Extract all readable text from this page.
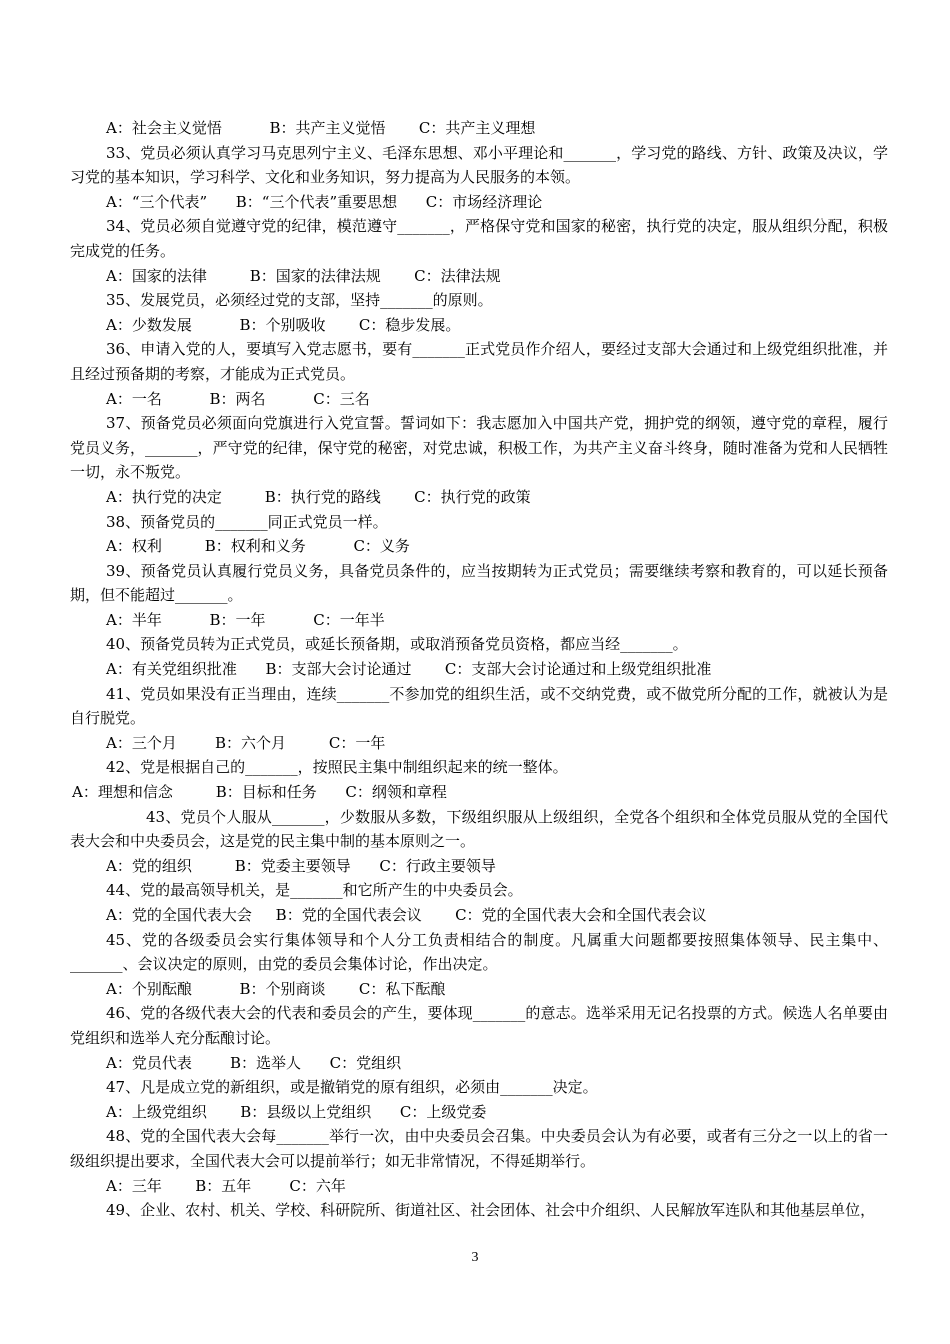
A：社会主义觉悟          B：共产主义觉悟       C：共产主义理想

33、党员必须认真学习马克思列宁主义、毛泽东思想、邓小平理论和_______，学习党的路线、方针、政策及决议，学习党的基本知识，学习科学、文化和业务知识，努力提高为人民服务的本领。

A：“三个代表”      B：“三个代表”重要思想      C：市场经济理论

34、党员必须自觉遵守党的纪律，模范遵守_______，严格保守党和国家的秘密，执行党的决定，服从组织分配，积极完成党的任务。

A：国家的法律         B：国家的法律法规       C：法律法规

35、发展党员，必须经过党的支部，坚持_______的原则。

A：少数发展          B：个别吸收       C：稳步发展。

36、申请入党的人，要填写入党志愿书，要有_______正式党员作介绍人，要经过支部大会通过和上级党组织批准，并且经过预备期的考察，才能成为正式党员。

A：一名          B：两名          C：三名

37、预备党员必须面向党旗进行入党宣誓。誓词如下：我志愿加入中国共产党，拥护党的纲领，遵守党的章程，履行党员义务，_______，严守党的纪律，保守党的秘密，对党忠诚，积极工作，为共产主义奋斗终身，随时准备为党和人民牺牲一切，永不叛党。

A：执行党的决定         B：执行党的路线       C：执行党的政策

38、预备党员的_______同正式党员一样。

A：权利         B：权利和义务          C：义务

39、预备党员认真履行党员义务，具备党员条件的，应当按期转为正式党员；需要继续考察和教育的，可以延长预备期，但不能超过_______。

A：半年          B：一年          C：一年半

40、预备党员转为正式党员，或延长预备期，或取消预备党员资格，都应当经_______。

A：有关党组织批准      B：支部大会讨论通过       C：支部大会讨论通过和上级党组织批准

41、党员如果没有正当理由，连续_______不参加党的组织生活，或不交纳党费，或不做党所分配的工作，就被认为是自行脱党。

A：三个月        B：六个月         C：一年

42、党是根据自己的_______，按照民主集中制组织起来的统一整体。

A：理想和信念         B：目标和任务      C：纲领和章程

43、党员个人服从_______，少数服从多数，下级组织服从上级组织，全党各个组织和全体党员服从党的全国代表大会和中央委员会，这是党的民主集中制的基本原则之一。

A：党的组织         B：党委主要领导      C：行政主要领导

44、党的最高领导机关，是_______和它所产生的中央委员会。

A：党的全国代表大会     B：党的全国代表会议       C：党的全国代表大会和全国代表会议

45、党的各级委员会实行集体领导和个人分工负责相结合的制度。凡属重大问题都要按照集体领导、民主集中、_______、会议决定的原则，由党的委员会集体讨论，作出决定。

A：个别酝酿          B：个别商谈       C：私下酝酿

46、党的各级代表大会的代表和委员会的产生，要体现_______的意志。选举采用无记名投票的方式。候选人名单要由党组织和选举人充分酝酿讨论。

A：党员代表        B：选举人      C：党组织

47、凡是成立党的新组织，或是撤销党的原有组织，必须由_______决定。

A：上级党组织       B：县级以上党组织      C：上级党委

48、党的全国代表大会每_______举行一次，由中央委员会召集。中央委员会认为有必要，或者有三分之一以上的省一级组织提出要求，全国代表大会可以提前举行；如无非常情况，不得延期举行。

A：三年       B：五年        C：六年

49、企业、农村、机关、学校、科研院所、街道社区、社会团体、社会中介组织、人民解放军连队和其他基层单位，

3
